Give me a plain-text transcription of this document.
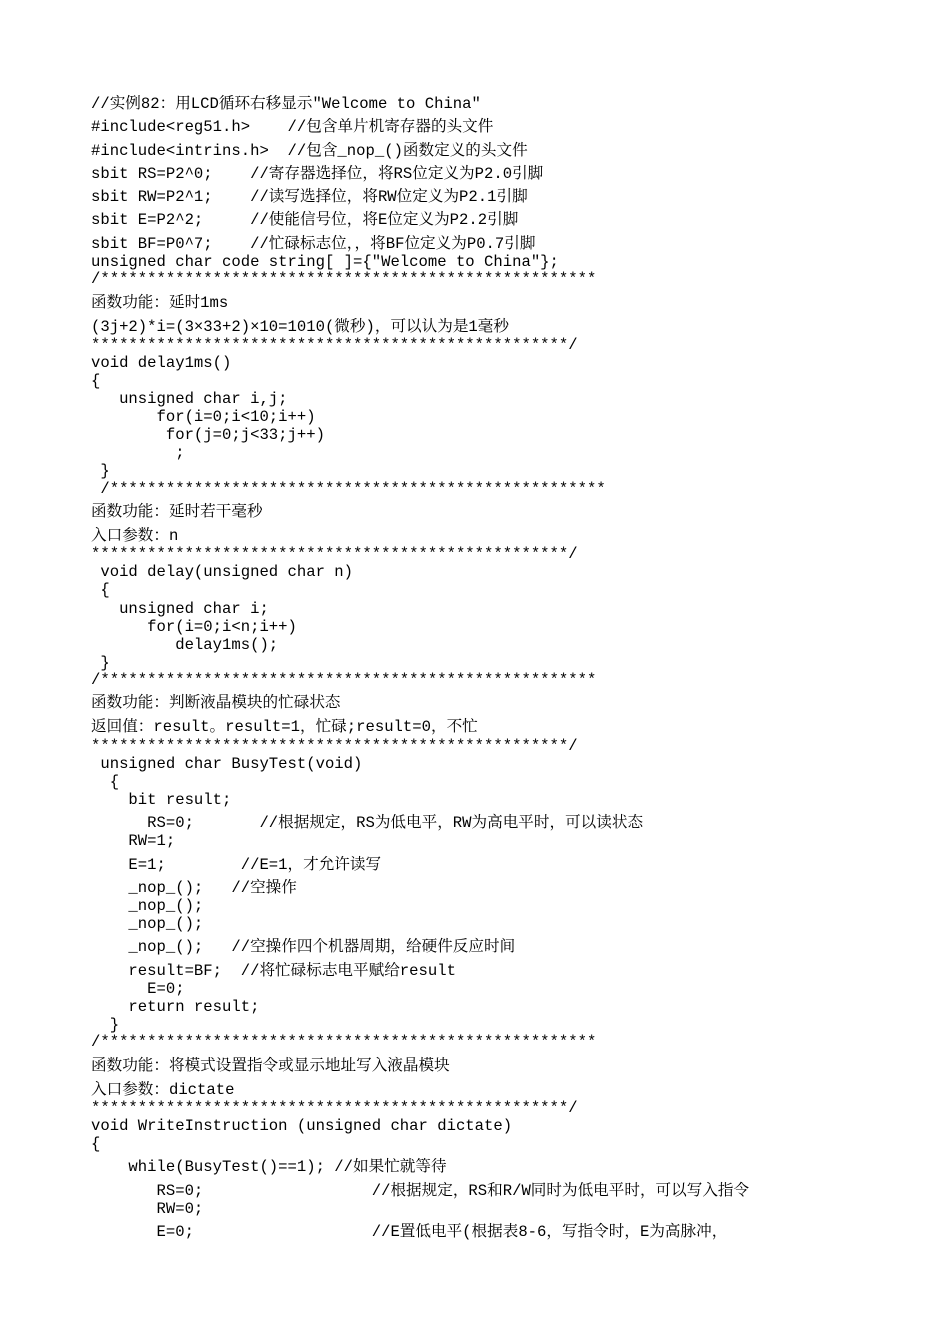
//实例82：用LCD循环右移显示"Welcome to China"
#include<reg51.h>    //包含单片机寄存器的头文件
#include<intrins.h>  //包含_nop_()函数定义的头文件
sbit RS=P2^0;    //寄存器选择位，将RS位定义为P2.0引脚
sbit RW=P2^1;    //读写选择位，将RW位定义为P2.1引脚
sbit E=P2^2;     //使能信号位，将E位定义为P2.2引脚
sbit BF=P0^7;    //忙碌标志位，，将BF位定义为P0.7引脚
unsigned char code string[ ]={"Welcome to China"};
/*****************************************************
函数功能：延时1ms
(3j+2)*i=(3×33+2)×10=1010(微秒)，可以认为是1毫秒
***************************************************/
void delay1ms()
{
unsigned char i,j;
for(i=0;i<10;i++)
for(j=0;j<33;j++)
;
}
/*****************************************************
函数功能：延时若干毫秒
入口参数：n
***************************************************/
void delay(unsigned char n)
{
unsigned char i;
for(i=0;i<n;i++)
delay1ms();
}
/*****************************************************
函数功能：判断液晶模块的忙碌状态
返回值：result。result=1，忙碌;result=0，不忙
***************************************************/
unsigned char BusyTest(void)
{
bit result;
RS=0;       //根据规定，RS为低电平，RW为高电平时，可以读状态
RW=1;
E=1;        //E=1，才允许读写
_nop_();   //空操作
_nop_();
_nop_();
_nop_();   //空操作四个机器周期，给硬件反应时间
result=BF;  //将忙碌标志电平赋给result
E=0;
return result;
}
/*****************************************************
函数功能：将模式设置指令或显示地址写入液晶模块
入口参数：dictate
***************************************************/
void WriteInstruction (unsigned char dictate)
{
while(BusyTest()==1); //如果忙就等待
RS=0;                  //根据规定，RS和R/W同时为低电平时，可以写入指令
RW=0;
E=0;                   //E置低电平(根据表8-6，写指令时，E为高脉冲，
